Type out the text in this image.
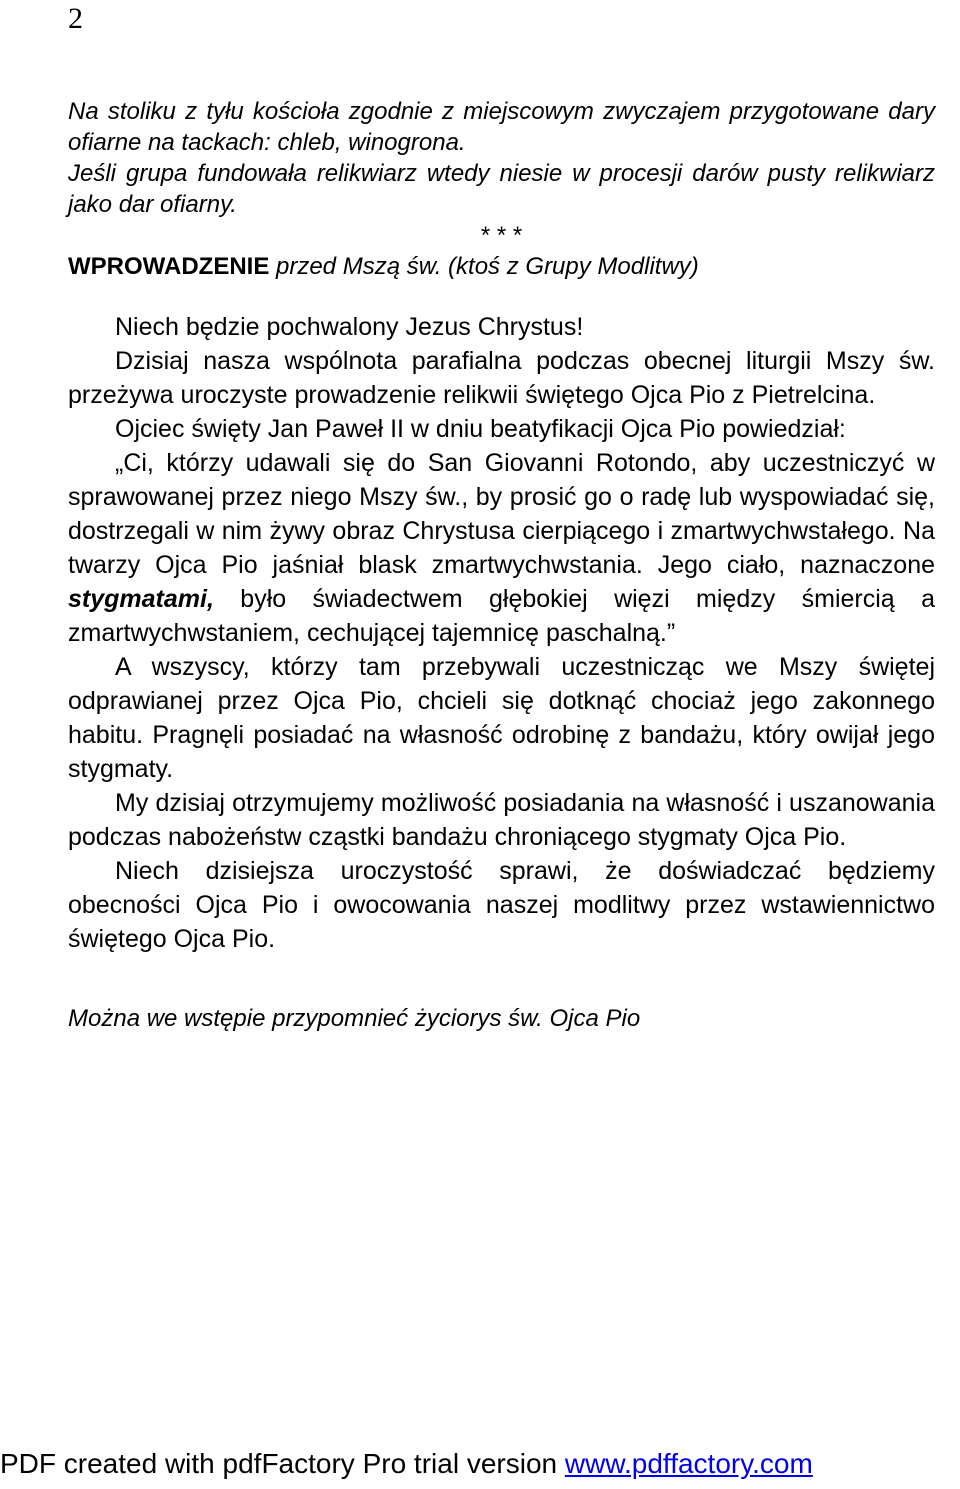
2

Na stoliku z tyłu kościoła zgodnie z miejscowym zwyczajem przygotowane dary ofiarne na tackach: chleb, winogrona.

Jeśli grupa fundowała relikwiarz wtedy niesie w procesji darów pusty relikwiarz jako dar ofiarny.

* * *

WPROWADZENIE przed Mszą św. (ktoś z Grupy Modlitwy)

Niech będzie pochwalony Jezus Chrystus!

Dzisiaj nasza wspólnota parafialna podczas obecnej liturgii Mszy św. przeżywa uroczyste prowadzenie relikwii świętego Ojca Pio z Pietrelcina.

Ojciec święty Jan Paweł II w dniu beatyfikacji Ojca Pio powiedział:

„Ci, którzy udawali się do San Giovanni Rotondo, aby uczestniczyć w sprawowanej przez niego Mszy św., by prosić go o radę lub wyspowiadać się, dostrzegali w nim żywy obraz Chrystusa cierpiącego i zmartwychwstałego. Na twarzy Ojca Pio jaśniał blask zmartwychwstania. Jego ciało, naznaczone stygmatami, było świadectwem głębokiej więzi między śmiercią a zmartwychwstaniem, cechującej tajemnicę paschalną.”

A wszyscy, którzy tam przebywali uczestnicząc we Mszy świętej odprawianej przez Ojca Pio, chcieli się dotknąć chociaż jego zakonnego habitu. Pragnęli posiadać na własność odrobinę z bandażu, który owijał jego stygmaty.

My dzisiaj otrzymujemy możliwość posiadania na własność i uszanowania podczas nabożeństw cząstki bandażu chroniącego stygmaty Ojca Pio.

Niech dzisiejsza uroczystość sprawi, że doświadczać będziemy obecności Ojca Pio i owocowania naszej modlitwy przez wstawiennictwo świętego Ojca Pio.

Można we wstępie przypomnieć życiorys św. Ojca Pio

PDF created with pdfFactory Pro trial version www.pdffactory.com
